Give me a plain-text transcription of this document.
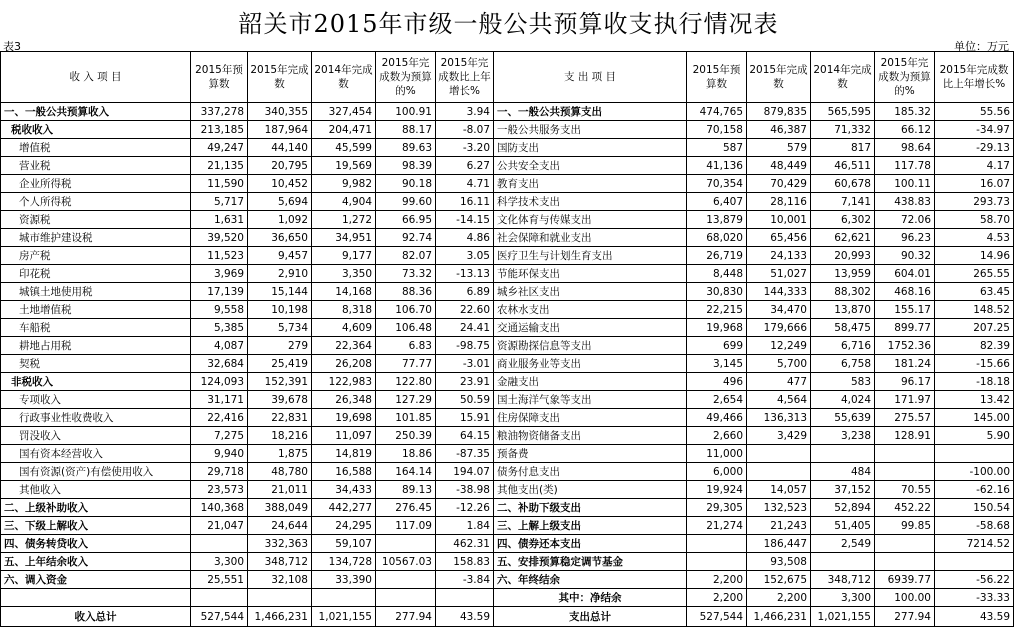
韶关市2015年市级一般公共预算收支执行情况表
表3	单位：万元
收 入 项 目	2015年预算数	2015年完成数	2014年完成数	2015年完成数为预算的%	2015年完成数比上年增长%	支 出 项 目	2015年预算数	2015年完成数	2014年完成数	2015年完成数为预算的%	2015年完成数比上年增长%
一、一般公共预算收入	337,278	340,355	327,454	100.91	3.94	一、一般公共预算支出	474,765	879,835	565,595	185.32	55.56
税收收入	213,185	187,964	204,471	88.17	-8.07	一般公共服务支出	70,158	46,387	71,332	66.12	-34.97
增值税	49,247	44,140	45,599	89.63	-3.20	国防支出	587	579	817	98.64	-29.13
营业税	21,135	20,795	19,569	98.39	6.27	公共安全支出	41,136	48,449	46,511	117.78	4.17
企业所得税	11,590	10,452	9,982	90.18	4.71	教育支出	70,354	70,429	60,678	100.11	16.07
个人所得税	5,717	5,694	4,904	99.60	16.11	科学技术支出	6,407	28,116	7,141	438.83	293.73
资源税	1,631	1,092	1,272	66.95	-14.15	文化体育与传媒支出	13,879	10,001	6,302	72.06	58.70
城市维护建设税	39,520	36,650	34,951	92.74	4.86	社会保障和就业支出	68,020	65,456	62,621	96.23	4.53
房产税	11,523	9,457	9,177	82.07	3.05	医疗卫生与计划生育支出	26,719	24,133	20,993	90.32	14.96
印花税	3,969	2,910	3,350	73.32	-13.13	节能环保支出	8,448	51,027	13,959	604.01	265.55
城镇土地使用税	17,139	15,144	14,168	88.36	6.89	城乡社区支出	30,830	144,333	88,302	468.16	63.45
土地增值税	9,558	10,198	8,318	106.70	22.60	农林水支出	22,215	34,470	13,870	155.17	148.52
车船税	5,385	5,734	4,609	106.48	24.41	交通运输支出	19,968	179,666	58,475	899.77	207.25
耕地占用税	4,087	279	22,364	6.83	-98.75	资源勘探信息等支出	699	12,249	6,716	1752.36	82.39
契税	32,684	25,419	26,208	77.77	-3.01	商业服务业等支出	3,145	5,700	6,758	181.24	-15.66
非税收入	124,093	152,391	122,983	122.80	23.91	金融支出	496	477	583	96.17	-18.18
专项收入	31,171	39,678	26,348	127.29	50.59	国土海洋气象等支出	2,654	4,564	4,024	171.97	13.42
行政事业性收费收入	22,416	22,831	19,698	101.85	15.91	住房保障支出	49,466	136,313	55,639	275.57	145.00
罚没收入	7,275	18,216	11,097	250.39	64.15	粮油物资储备支出	2,660	3,429	3,238	128.91	5.90
国有资本经营收入	9,940	1,875	14,819	18.86	-87.35	预备费	11,000				
国有资源(资产)有偿使用收入	29,718	48,780	16,588	164.14	194.07	债务付息支出	6,000		484		-100.00
其他收入	23,573	21,011	34,433	89.13	-38.98	其他支出(类)	19,924	14,057	37,152	70.55	-62.16
二、上级补助收入	140,368	388,049	442,277	276.45	-12.26	二、补助下级支出	29,305	132,523	52,894	452.22	150.54
三、下级上解收入	21,047	24,644	24,295	117.09	1.84	三、上解上级支出	21,274	21,243	51,405	99.85	-58.68
四、债务转贷收入		332,363	59,107		462.31	四、债券还本支出		186,447	2,549		7214.52
五、上年结余收入	3,300	348,712	134,728	10567.03	158.83	五、安排预算稳定调节基金		93,508			
六、调入资金	25,551	32,108	33,390		-3.84	六、年终结余	2,200	152,675	348,712	6939.77	-56.22
						其中：净结余	2,200	2,200	3,300	100.00	-33.33
收入总计	527,544	1,466,231	1,021,155	277.94	43.59	支出总计	527,544	1,466,231	1,021,155	277.94	43.59
